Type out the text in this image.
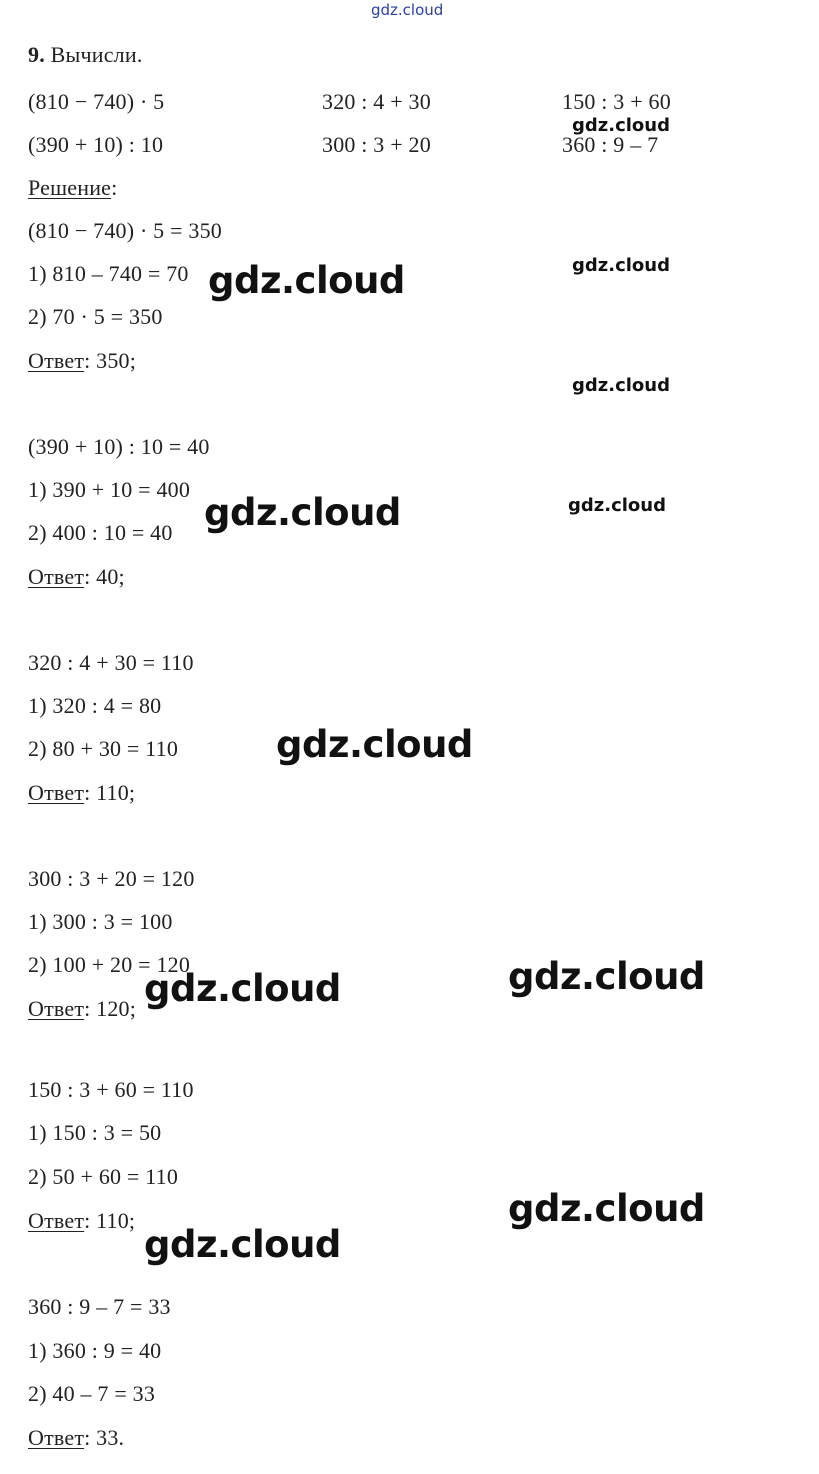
gdz.cloud
9. Вычисли.
(810 − 740) · 5	320 : 4 + 30	150 : 3 + 60
(390 + 10) : 10	300 : 3 + 20	360 : 9 – 7
Решение:
(810 − 740) · 5 = 350
1) 810 – 740 = 70
2) 70 · 5 = 350
Ответ: 350;
(390 + 10) : 10 = 40
1) 390 + 10 = 400
2) 400 : 10 = 40
Ответ: 40;
320 : 4 + 30 = 110
1) 320 : 4 = 80
2) 80 + 30 = 110
Ответ: 110;
300 : 3 + 20 = 120
1) 300 : 3 = 100
2) 100 + 20 = 120
Ответ: 120;
150 : 3 + 60 = 110
1) 150 : 3 = 50
2) 50 + 60 = 110
Ответ: 110;
360 : 9 – 7 = 33
1) 360 : 9 = 40
2) 40 – 7 = 33
Ответ: 33.
gdz.cloud
gdz.cloud
gdz.cloud
gdz.cloud
gdz.cloud
gdz.cloud
gdz.cloud
gdz.cloud
gdz.cloud
gdz.cloud
gdz.cloud
